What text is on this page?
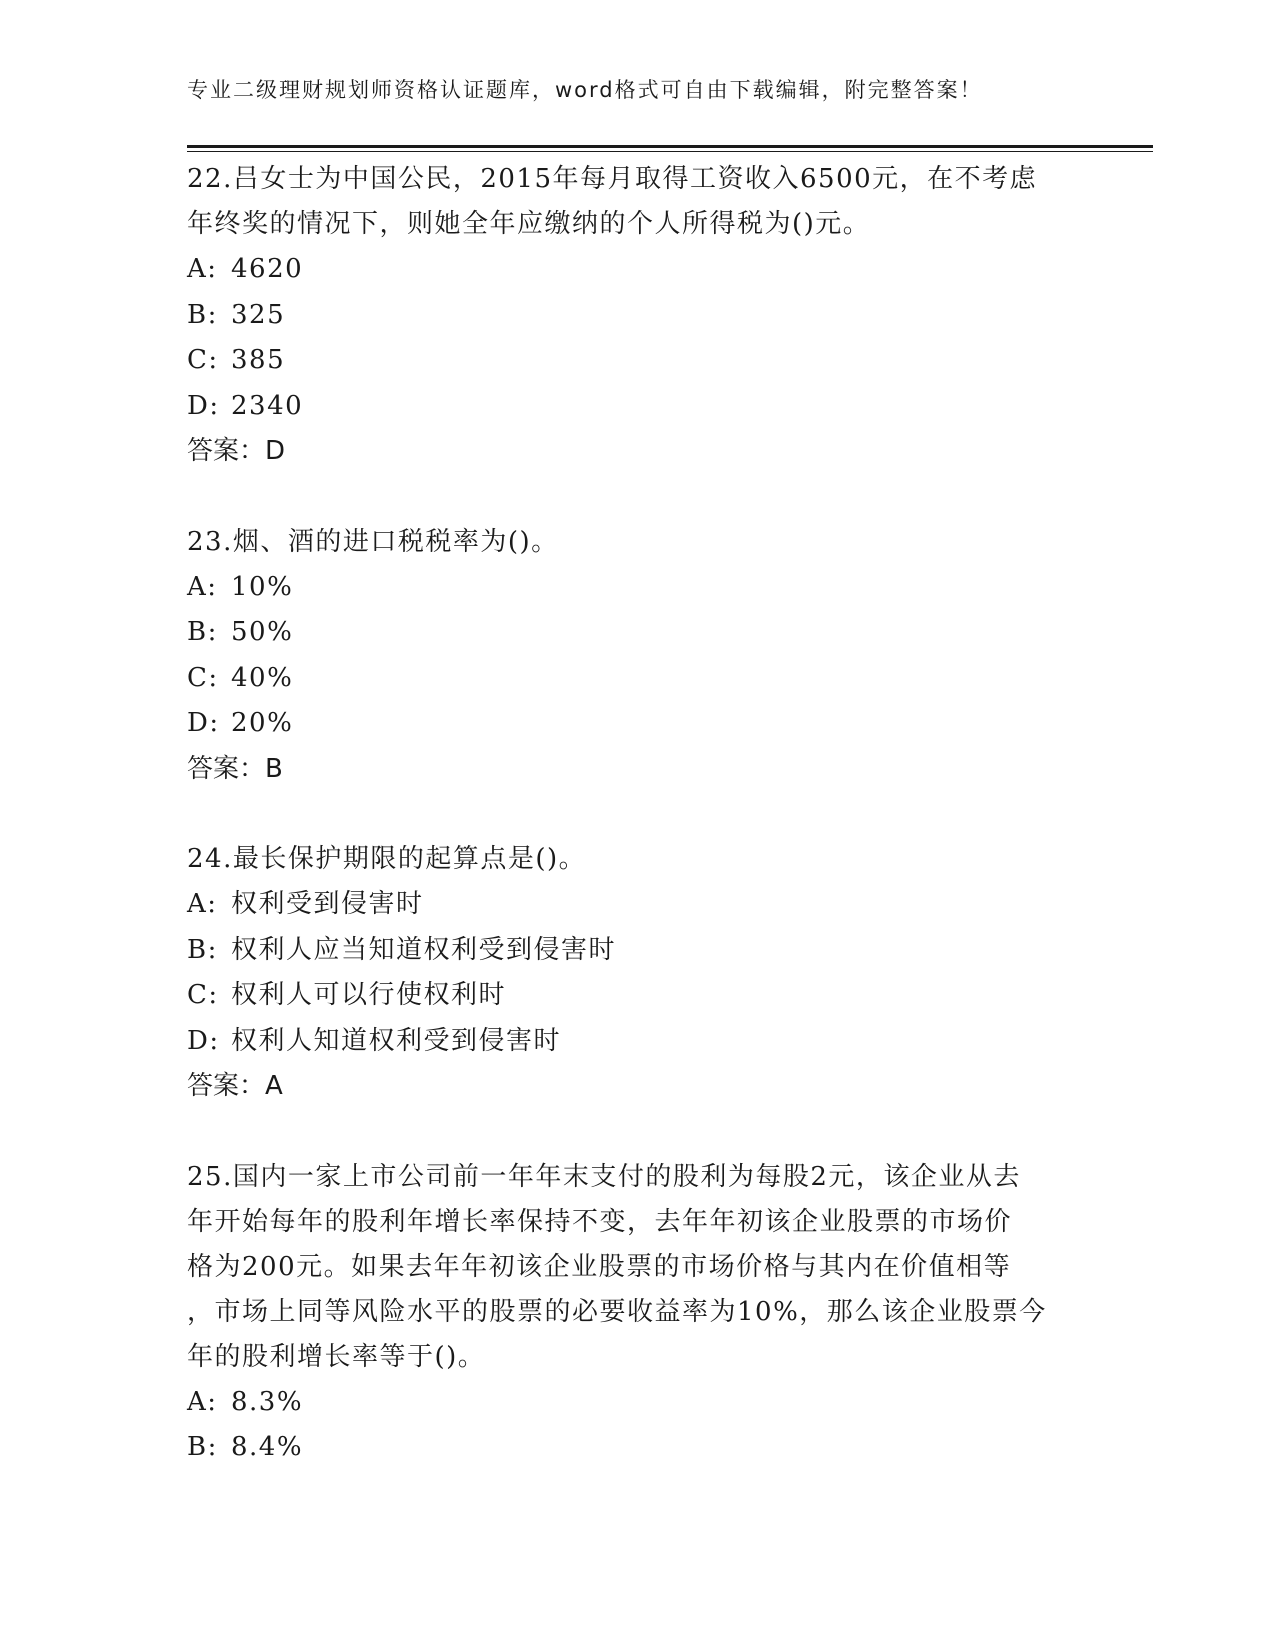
专业二级理财规划师资格认证题库，word格式可自由下载编辑，附完整答案！
22.吕女士为中国公民，2015年每月取得工资收入6500元，在不考虑
年终奖的情况下，则她全年应缴纳的个人所得税为()元。
A: 4620
B: 325
C: 385
D: 2340
答案：D
23.烟、酒的进口税税率为()。
A: 10%
B: 50%
C: 40%
D: 20%
答案：B
24.最长保护期限的起算点是()。
A: 权利受到侵害时
B: 权利人应当知道权利受到侵害时
C: 权利人可以行使权利时
D: 权利人知道权利受到侵害时
答案：A
25.国内一家上市公司前一年年末支付的股利为每股2元，该企业从去
年开始每年的股利年增长率保持不变，去年年初该企业股票的市场价
格为200元。如果去年年初该企业股票的市场价格与其内在价值相等
，市场上同等风险水平的股票的必要收益率为10%，那么该企业股票今
年的股利增长率等于()。
A: 8.3%
B: 8.4%
